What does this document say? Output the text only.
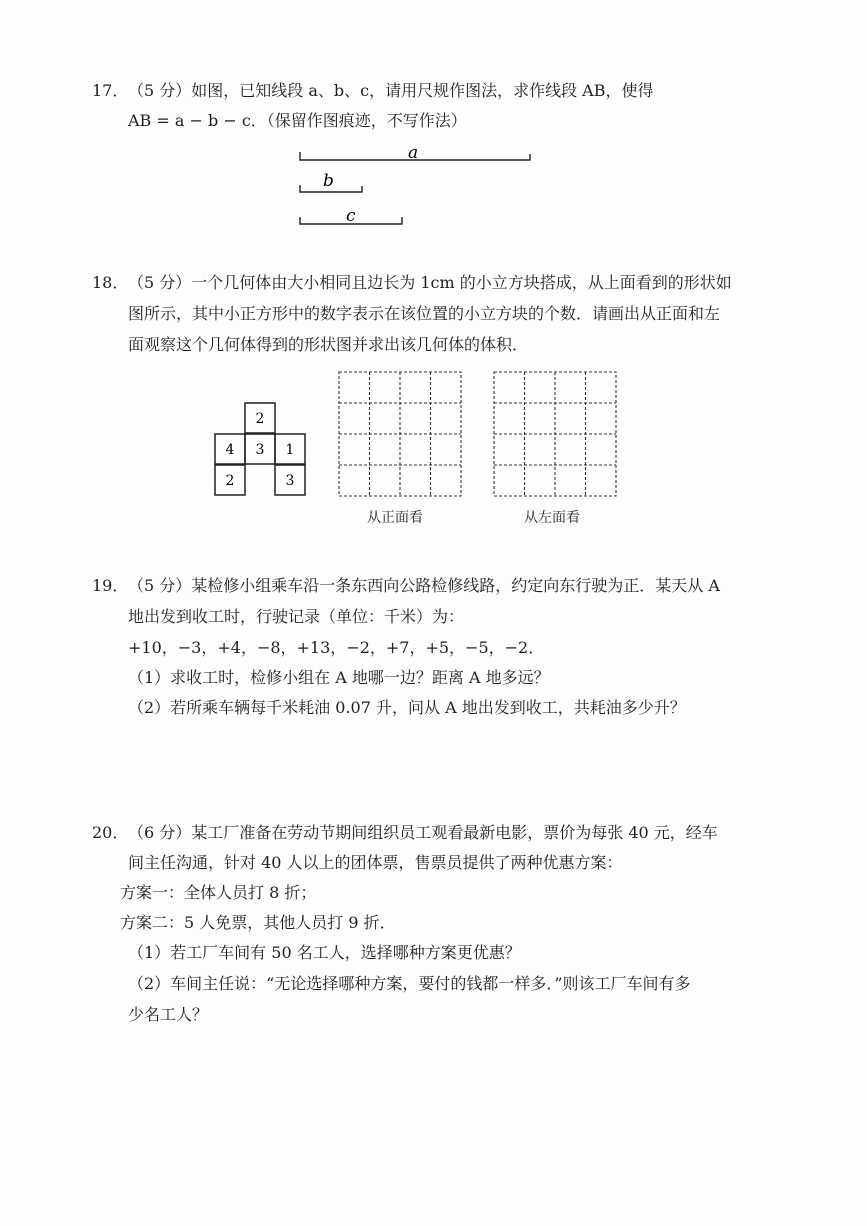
17． （5 分）如图，已知线段 a、b、c，请用尺规作图法，求作线段 AB，使得
AB = a − b − c．（保留作图痕迹，不写作法）
a
b
c
18． （5 分）一个几何体由大小相同且边长为 1cm 的小立方块搭成，从上面看到的形状如
图所示，其中小正方形中的数字表示在该位置的小立方块的个数．请画出从正面和左
面观察这个几何体得到的形状图并求出该几何体的体积．
2
4 3 1
2	3
从正面看	从左面看
19． （5 分）某检修小组乘车沿一条东西向公路检修线路，约定向东行驶为正．某天从 A
地出发到收工时，行驶记录（单位：千米）为：
+10，−3，+4，−8，+13，−2，+7，+5，−5，−2．
（1）求收工时，检修小组在 A 地哪一边？距离 A 地多远？
（2）若所乘车辆每千米耗油 0.07 升，问从 A 地出发到收工，共耗油多少升？
20． （6 分）某工厂准备在劳动节期间组织员工观看最新电影，票价为每张 40 元，经车
间主任沟通，针对 40 人以上的团体票，售票员提供了两种优惠方案：
方案一：全体人员打 8 折；
方案二：5 人免票，其他人员打 9 折．
（1）若工厂车间有 50 名工人，选择哪种方案更优惠？
（2）车间主任说：“无论选择哪种方案，要付的钱都一样多．”则该工厂车间有多
少名工人？
